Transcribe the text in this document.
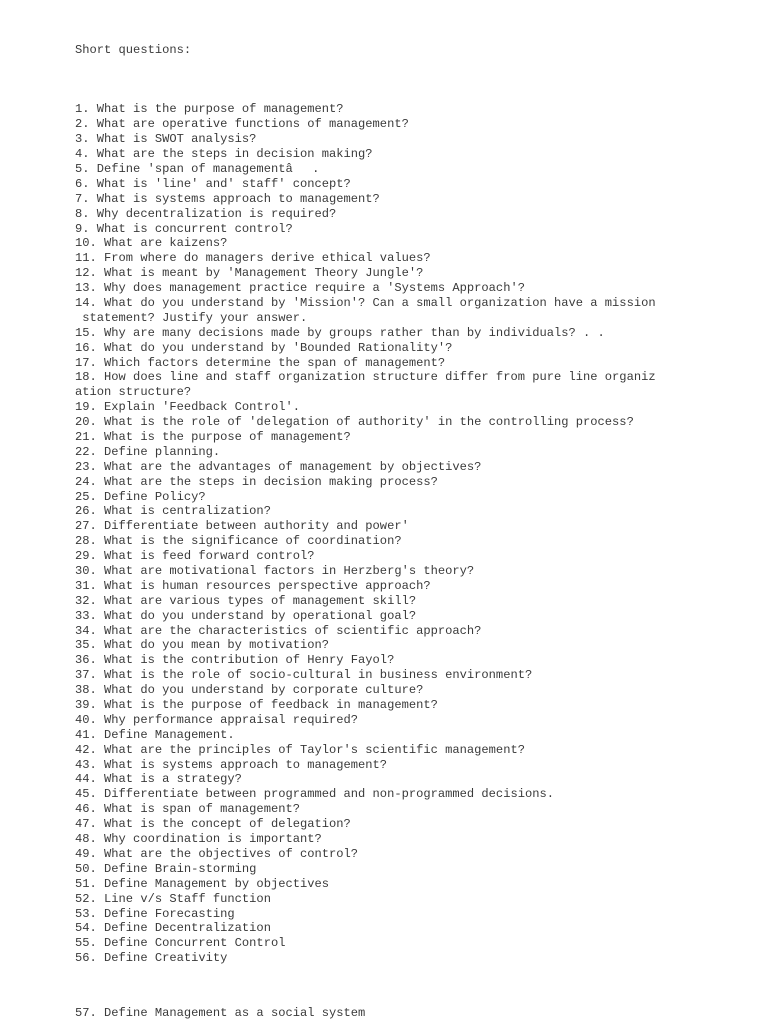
Short questions:

1. What is the purpose of management?
2. What are operative functions of management?
3. What is SWOT analysis?
4. What are the steps in decision making?
5. Define 'span of managementâ.
6. What is 'line' and' staff' concept?
7. What is systems approach to management?
8. Why decentralization is required?
9. What is concurrent control?
10. What are kaizens?
11. From where do managers derive ethical values?
12. What is meant by 'Management Theory Jungle'?
13. Why does management practice require a 'Systems Approach'?
14. What do you understand by 'Mission'? Can a small organization have a mission
statement? Justify your answer.
15. Why are many decisions made by groups rather than by individuals? . .
16. What do you understand by 'Bounded Rationality'?
17. Which factors determine the span of management?
18. How does line and staff organization structure differ from pure line organiz
ation structure?
19. Explain 'Feedback Control'.
20. What is the role of 'delegation of authority' in the controlling process?
21. What is the purpose of management?
22. Define planning.
23. What are the advantages of management by objectives?
24. What are the steps in decision making process?
25. Define Policy?
26. What is centralization?
27. Differentiate between authority and power'
28. What is the significance of coordination?
29. What is feed forward control?
30. What are motivational factors in Herzberg's theory?
31. What is human resources perspective approach?
32. What are various types of management skill?
33. What do you understand by operational goal?
34. What are the characteristics of scientific approach?
35. What do you mean by motivation?
36. What is the contribution of Henry Fayol?
37. What is the role of socio-cultural in business environment?
38. What do you understand by corporate culture?
39. What is the purpose of feedback in management?
40. Why performance appraisal required?
41. Define Management.
42. What are the principles of Taylor's scientific management?
43. What is systems approach to management?
44. What is a strategy?
45. Differentiate between programmed and non-programmed decisions.
46. What is span of management?
47. What is the concept of delegation?
48. Why coordination is important?
49. What are the objectives of control?
50. Define Brain-storming
51. Define Management by objectives
52. Line v/s Staff function
53. Define Forecasting
54. Define Decentralization
55. Define Concurrent Control
56. Define Creativity
57. Define Management as a social system
